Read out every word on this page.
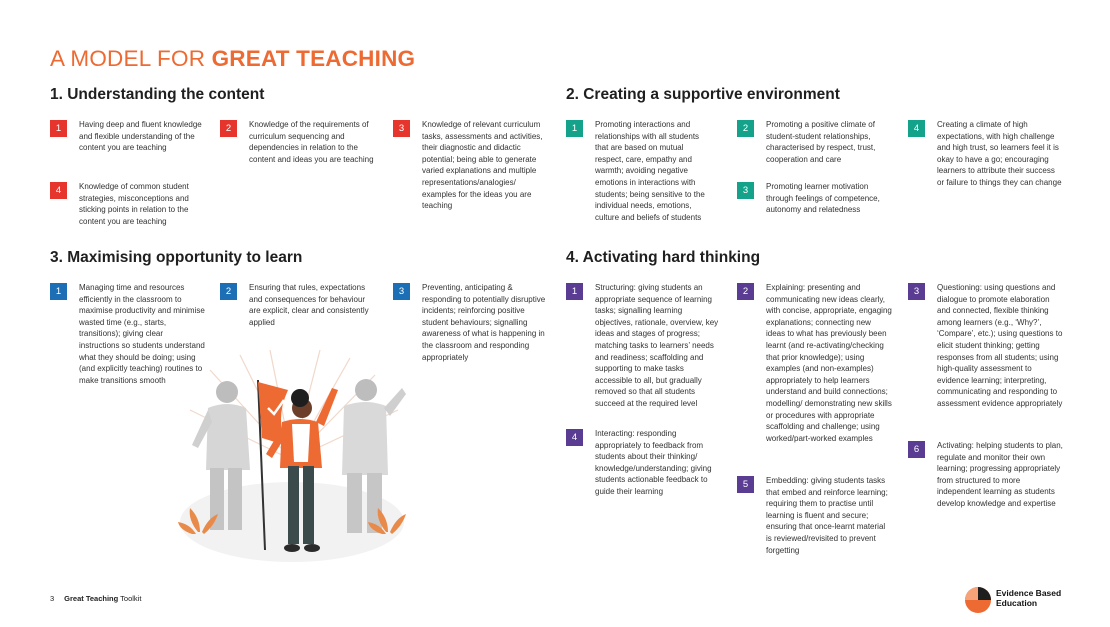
A MODEL FOR GREAT TEACHING
1. Understanding the content
1	Having deep and fluent knowledge and flexible understanding of the content you are teaching
2	Knowledge of the requirements of curriculum sequencing and dependencies in relation to the content and ideas you are teaching
3	Knowledge of relevant curriculum tasks, assessments and activities, their diagnostic and didactic potential; being able to generate varied explanations and multiple representations/analogies/ examples for the ideas you are teaching
4	Knowledge of common student strategies, misconceptions and sticking points in relation to the content you are teaching
2. Creating a supportive environment
1	Promoting interactions and relationships with all students that are based on mutual respect, care, empathy and warmth; avoiding negative emotions in interactions with students; being sensitive to the individual needs, emotions, culture and beliefs of students
2	Promoting a positive climate of student-student relationships, characterised by respect, trust, cooperation and care
3	Promoting learner motivation through feelings of competence, autonomy and relatedness
4	Creating a climate of high expectations, with high challenge and high trust, so learners feel it is okay to have a go; encouraging learners to attribute their success or failure to things they can change
3. Maximising opportunity to learn
1	Managing time and resources efficiently in the classroom to maximise productivity and minimise wasted time (e.g., starts, transitions); giving clear instructions so students understand what they should be doing; using (and explicitly teaching) routines to make transitions smooth
2	Ensuring that rules, expectations and consequences for behaviour are explicit, clear and consistently applied
3	Preventing, anticipating & responding to potentially disruptive incidents; reinforcing positive student behaviours; signalling awareness of what is happening in the classroom and responding appropriately
4. Activating hard thinking
1	Structuring: giving students an appropriate sequence of learning tasks; signalling learning objectives, rationale, overview, key ideas and stages of progress; matching tasks to learners’ needs and readiness; scaffolding and supporting to make tasks accessible to all, but gradually removed so that all students succeed at the required level
2	Explaining: presenting and communicating new ideas clearly, with concise, appropriate, engaging explanations; connecting new ideas to what has previously been learnt (and re-activating/checking that prior knowledge); using examples (and non-examples) appropriately to help learners understand and build connections; modelling/ demonstrating new skills or procedures with appropriate scaffolding and challenge; using worked/part-worked examples
3	Questioning: using questions and dialogue to promote elaboration and connected, flexible thinking among learners (e.g., ‘Why?’, ‘Compare’, etc.); using questions to elicit student thinking; getting responses from all students; using high-quality assessment to evidence learning; interpreting, communicating and responding to assessment evidence appropriately
4	Interacting: responding appropriately to feedback from students about their thinking/ knowledge/understanding; giving students actionable feedback to guide their learning
5	Embedding: giving students tasks that embed and reinforce learning; requiring them to practise until learning is fluent and secure; ensuring that once-learnt material is reviewed/revisited to prevent forgetting
6	Activating: helping students to plan, regulate and monitor their own learning; progressing appropriately from structured to more independent learning as students develop knowledge and expertise
3 Great Teaching Toolkit
Evidence Based
Education
